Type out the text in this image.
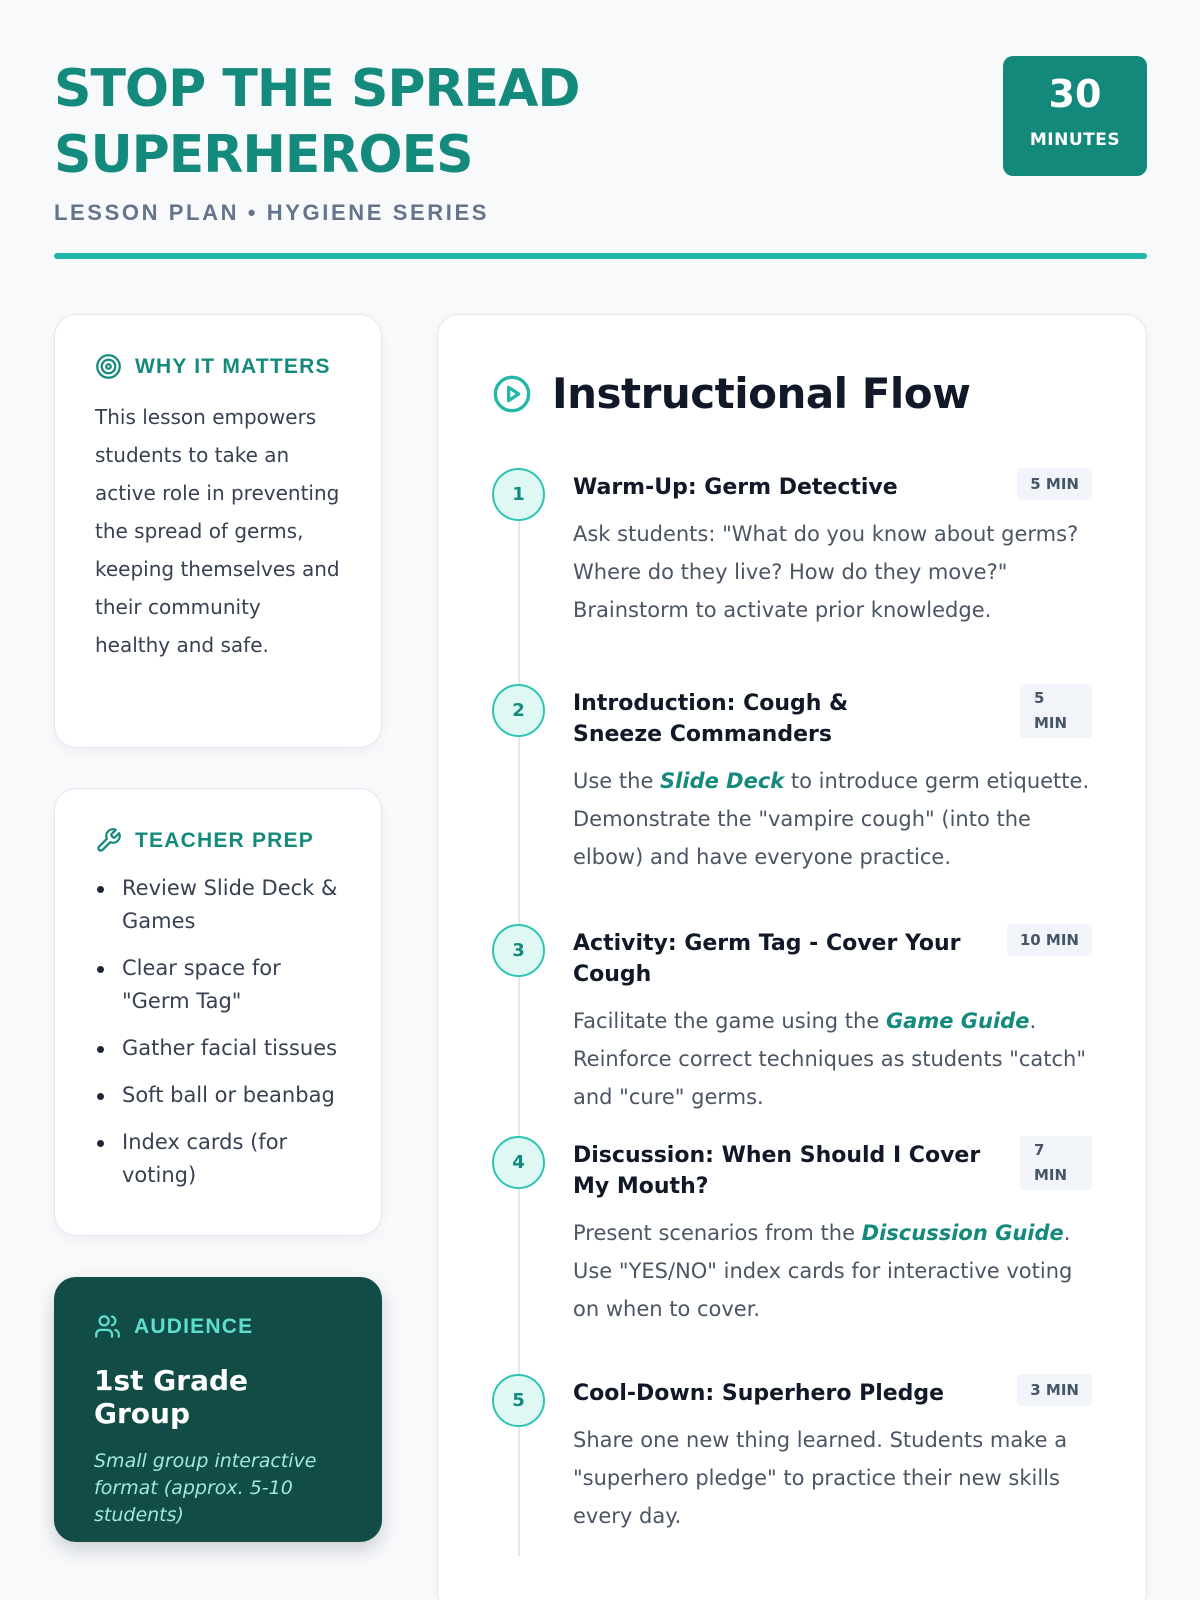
STOP THE SPREAD
SUPERHEROES
LESSON PLAN • HYGIENE SERIES
30
MINUTES
WHY IT MATTERS

This lesson empowers students to take an active role in preventing the spread of germs, keeping themselves and their community healthy and safe.

TEACHER PREP
Review Slide Deck & Games
Clear space for "Germ Tag"
Gather facial tissues
Soft ball or beanbag
Index cards (for voting)
AUDIENCE
1st Grade Group
Small group interactive format (approx. 5-10 students)
Instructional Flow
1	Warm-Up: Germ Detective	5 MIN

Ask students: "What do you know about germs? Where do they live? How do they move?" Brainstorm to activate prior knowledge.

2	Introduction: Cough & Sneeze Commanders
5 MIN

Use the Slide Deck to introduce germ etiquette. Demonstrate the "vampire cough" (into the elbow) and have everyone practice.

3	Activity: Germ Tag - Cover Your Cough
10 MIN

Facilitate the game using the Game Guide. Reinforce correct techniques as students "catch" and "cure" germs.

4	Discussion: When Should I Cover My Mouth?
7 MIN

Present scenarios from the Discussion Guide. Use "YES/NO" index cards for interactive voting on when to cover.

5	Cool-Down: Superhero Pledge	3 MIN

Share one new thing learned. Students make a "superhero pledge" to practice their new skills every day.
